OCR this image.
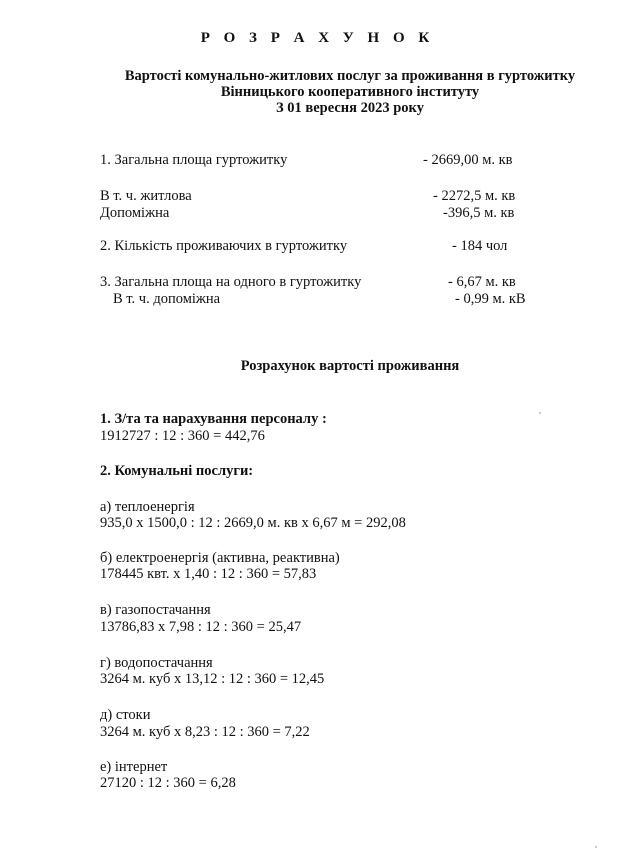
Р О З Р А Х У Н О К
Вартості комунально-житлових послуг за проживання в гуртожитку
Вінницького кооперативного інституту
З 01 вересня 2023 року
1. Загальна площа гуртожитку	- 2669,00 м. кв
В т. ч. житлова	- 2272,5 м. кв
Допоміжна	-396,5 м. кв
2. Кількість проживаючих в гуртожитку	- 184 чол
3. Загальна площа на одного в гуртожитку	- 6,67 м. кв
В т. ч. допоміжна	- 0,99 м. кВ
Розрахунок вартості проживання
1. З/та та нарахування персоналу :
1912727 : 12 : 360 = 442,76
2. Комунальні послуги:
а) теплоенергія
935,0 х 1500,0 : 12 : 2669,0 м. кв х 6,67 м = 292,08
б) електроенергія (активна, реактивна)
178445 квт. х 1,40 : 12 : 360 = 57,83
в) газопостачання
13786,83 х 7,98 : 12 : 360 = 25,47
г) водопостачання
3264 м. куб х 13,12 : 12 : 360 = 12,45
д) стоки
3264 м. куб х 8,23 : 12 : 360 = 7,22
е) інтернет
27120 : 12 : 360 = 6,28
